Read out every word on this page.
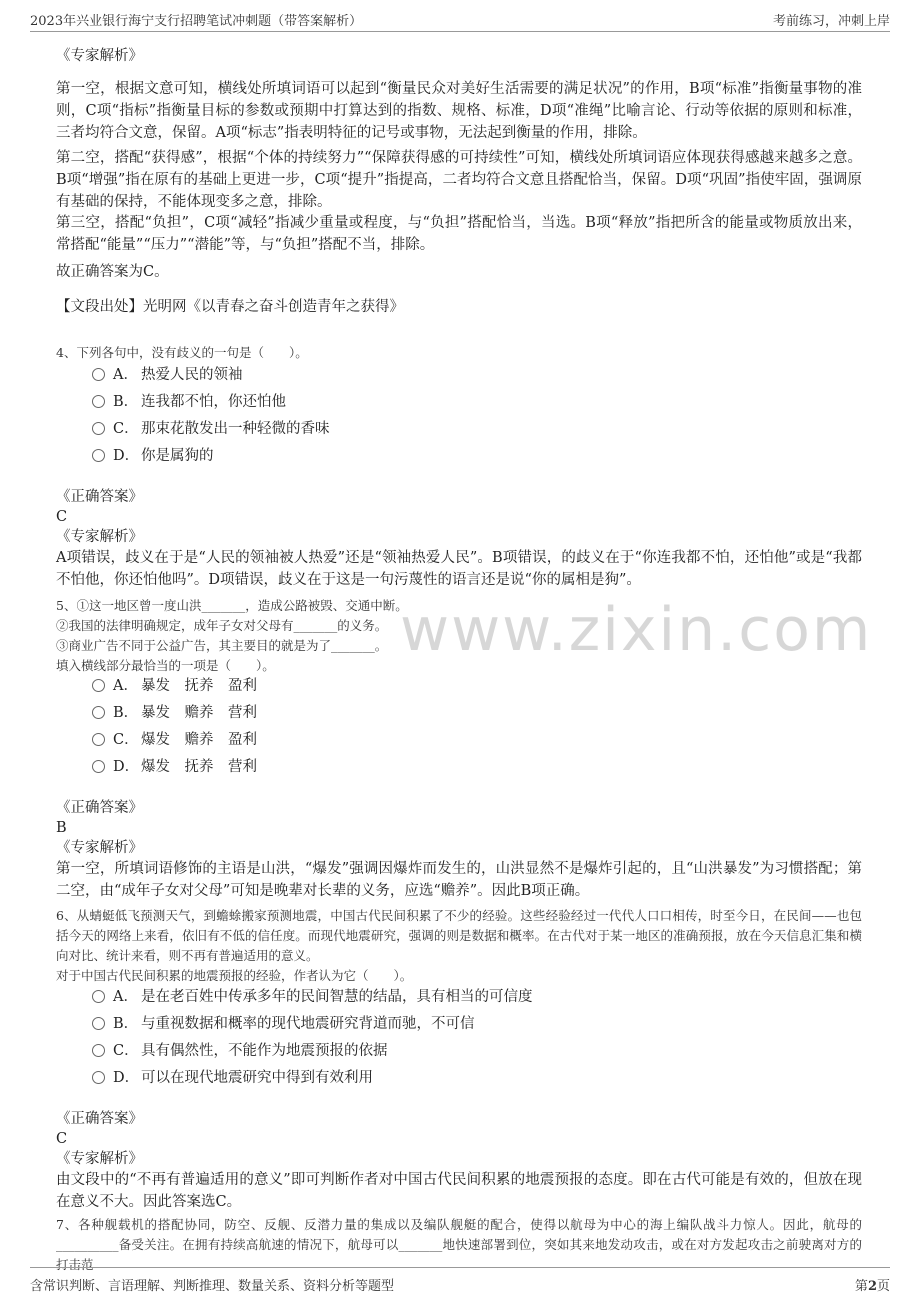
2023年兴业银行海宁支行招聘笔试冲刺题（带答案解析）	考前练习，冲刺上岸
www.zixin.com
《专家解析》

第一空，根据文意可知，横线处所填词语可以起到“衡量民众对美好生活需要的满足状况”的作用，B项“标准”指衡量事物的准则，C项“指标”指衡量目标的参数或预期中打算达到的指数、规格、标准，D项“准绳”比喻言论、行动等依据的原则和标准，三者均符合文意，保留。A项“标志”指表明特征的记号或事物，无法起到衡量的作用，排除。

第二空，搭配“获得感”，根据“个体的持续努力”“保障获得感的可持续性”可知，横线处所填词语应体现获得感越来越多之意。B项“增强”指在原有的基础上更进一步，C项“提升”指提高，二者均符合文意且搭配恰当，保留。D项“巩固”指使牢固，强调原有基础的保持，不能体现变多之意，排除。

第三空，搭配“负担”，C项“减轻”指减少重量或程度，与“负担”搭配恰当，当选。B项“释放”指把所含的能量或物质放出来，常搭配“能量”“压力”“潜能”等，与“负担”搭配不当，排除。

故正确答案为C。
【文段出处】光明网《以青春之奋斗创造青年之获得》
4、下列各句中，没有歧义的一句是（　　）。
A． 热爱人民的领袖
B． 连我都不怕，你还怕他
C． 那束花散发出一种轻微的香味
D． 你是属狗的

《正确答案》

C

《专家解析》

A项错误，歧义在于是“人民的领袖被人热爱”还是“领袖热爱人民”。B项错误，的歧义在于“你连我都不怕，还怕他”或是“我都不怕他，你还怕他吗”。D项错误，歧义在于这是一句污蔑性的语言还是说“你的属相是狗”。

5、①这一地区曾一度山洪_______，造成公路被毁、交通中断。

②我国的法律明确规定，成年子女对父母有_______的义务。

③商业广告不同于公益广告，其主要目的就是为了_______。

填入横线部分最恰当的一项是（　　）。

A． 暴发　抚养　盈利
B． 暴发　赡养　营利
C． 爆发　赡养　盈利
D． 爆发　抚养　营利

《正确答案》

B

《专家解析》

第一空，所填词语修饰的主语是山洪，“爆发”强调因爆炸而发生的，山洪显然不是爆炸引起的，且“山洪暴发”为习惯搭配；第二空，由“成年子女对父母”可知是晚辈对长辈的义务，应选“赡养”。因此B项正确。

6、从蜻蜓低飞预测天气，到蟾蜍搬家预测地震，中国古代民间积累了不少的经验。这些经验经过一代代人口口相传，时至今日，在民间——也包括今天的网络上来看，依旧有不低的信任度。而现代地震研究，强调的则是数据和概率。在古代对于某一地区的准确预报，放在今天信息汇集和横向对比、统计来看，则不再有普遍适用的意义。

对于中国古代民间积累的地震预报的经验，作者认为它（　　）。

A． 是在老百姓中传承多年的民间智慧的结晶，具有相当的可信度
B． 与重视数据和概率的现代地震研究背道而驰，不可信
C． 具有偶然性，不能作为地震预报的依据
D． 可以在现代地震研究中得到有效利用

《正确答案》

C

《专家解析》

由文段中的“不再有普遍适用的意义”即可判断作者对中国古代民间积累的地震预报的态度。即在古代可能是有效的，但放在现在意义不大。因此答案选C。

7、各种舰载机的搭配协同，防空、反舰、反潜力量的集成以及编队舰艇的配合，使得以航母为中心的海上编队战斗力惊人。因此，航母的__________备受关注。在拥有持续高航速的情况下，航母可以_______地快速部署到位，突如其来地发动攻击，或在对方发起攻击之前驶离对方的打击范

含常识判断、言语理解、判断推理、数量关系、资料分析等题型	第2页
